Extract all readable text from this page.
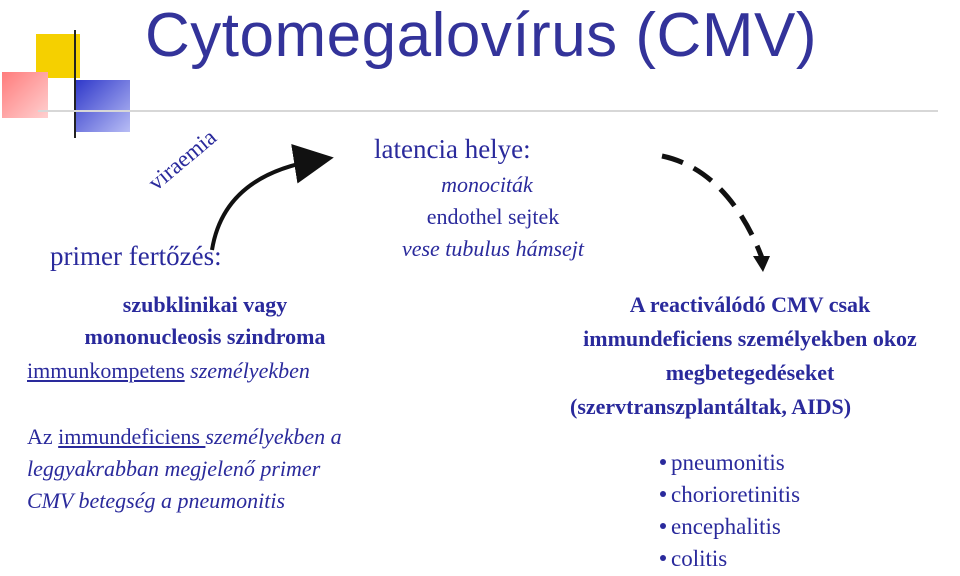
Cytomegalovírus (CMV)
viraemia
primer fertőzés:
latencia helye:
monociták
endothel sejtek
vese tubulus hámsejt
szubklinikai vagy
mononucleosis szindroma
immunkompetens személyekben
Az immundeficiens személyekben a
leggyakrabban megjelenő primer
CMV betegség a pneumonitis
A reactiválódó CMV csak
immundeficiens személyekben okoz
megbetegedéseket
(szervtranszplantáltak, AIDS)
pneumonitis
chorioretinitis
encephalitis
colitis
